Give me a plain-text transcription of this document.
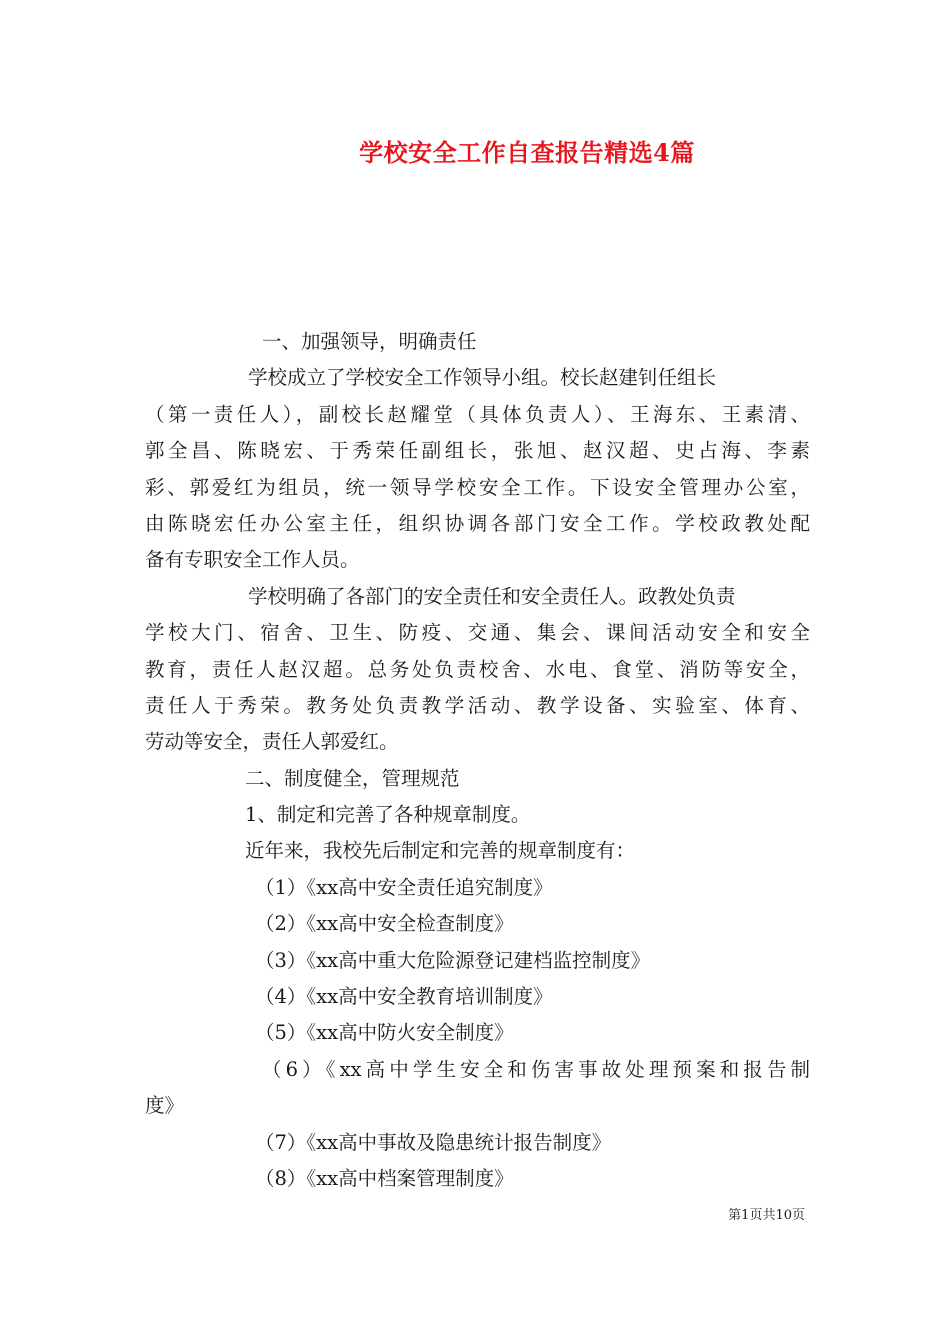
学校安全工作自查报告精选4篇
一、加强领导，明确责任
学校成立了学校安全工作领导小组。校长赵建钊任组长
（第一责任人），副校长赵耀堂（具体负责人）、王海东、王素清、
郭全昌、陈晓宏、于秀荣任副组长，张旭、赵汉超、史占海、李素
彩、郭爱红为组员，统一领导学校安全工作。下设安全管理办公室，
由陈晓宏任办公室主任，组织协调各部门安全工作。学校政教处配
备有专职安全工作人员。
学校明确了各部门的安全责任和安全责任人。政教处负责
学校大门、宿舍、卫生、防疫、交通、集会、课间活动安全和安全
教育，责任人赵汉超。总务处负责校舍、水电、食堂、消防等安全，
责任人于秀荣。教务处负责教学活动、教学设备、实验室、体育、
劳动等安全，责任人郭爱红。
二、制度健全，管理规范
1、制定和完善了各种规章制度。
近年来，我校先后制定和完善的规章制度有：
（1）《xx高中安全责任追究制度》
（2）《xx高中安全检查制度》
（3）《xx高中重大危险源登记建档监控制度》
（4）《xx高中安全教育培训制度》
（5）《xx高中防火安全制度》
（6）《xx高中学生安全和伤害事故处理预案和报告制
度》
（7）《xx高中事故及隐患统计报告制度》
（8）《xx高中档案管理制度》
第1页共10页
